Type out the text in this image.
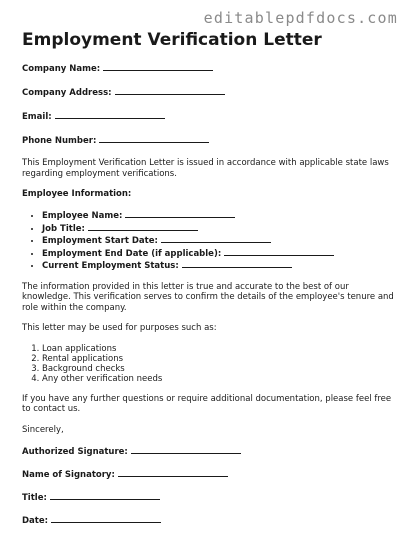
editablepdfdocs.com
Employment Verification Letter
Company Name:
Company Address:
Email:
Phone Number:

This Employment Verification Letter is issued in accordance with applicable state laws regarding employment verifications.

Employee Information:
• Employee Name:
• Job Title:
• Employment Start Date:
• Employment End Date (if applicable):
• Current Employment Status:

The information provided in this letter is true and accurate to the best of our knowledge. This verification serves to confirm the details of the employee's tenure and role within the company.

This letter may be used for purposes such as:

1. Loan applications
2. Rental applications
3. Background checks
4. Any other verification needs

If you have any further questions or require additional documentation, please feel free to contact us.

Sincerely,

Authorized Signature:
Name of Signatory:
Title:
Date:
